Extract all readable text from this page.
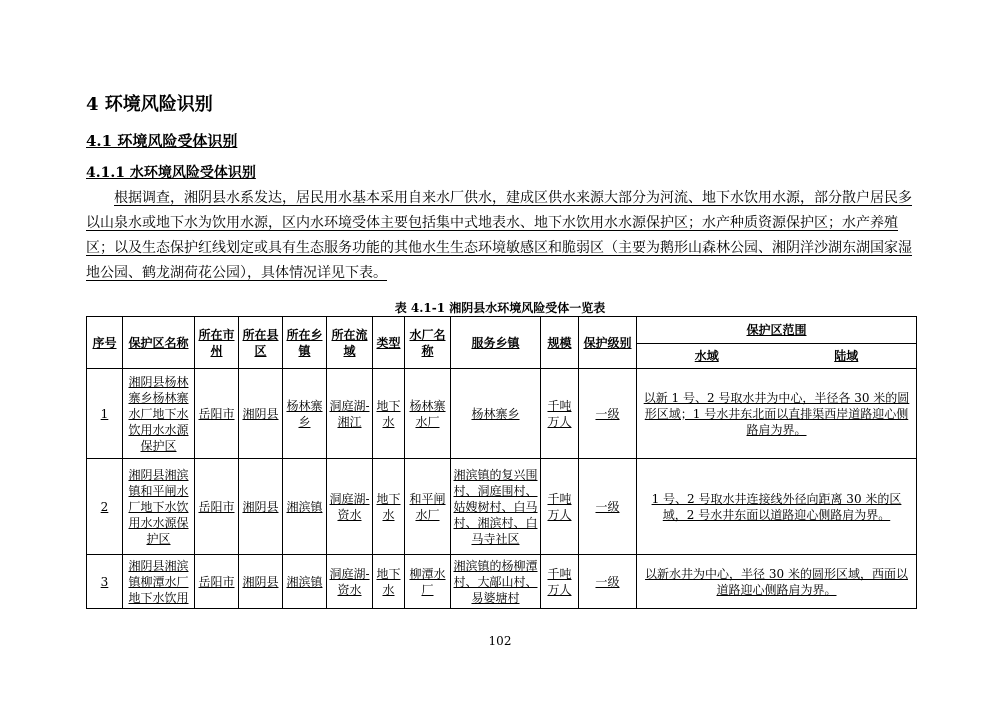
4 环境风险识别
4.1 环境风险受体识别
4.1.1 水环境风险受体识别

根据调查，湘阴县水系发达，居民用水基本采用自来水厂供水，建成区供水来源大部分为河流、地下水饮用水源，部分散户居民多以山泉水或地下水为饮用水源，区内水环境受体主要包括集中式地表水、地下水饮用水水源保护区；水产种质资源保护区；水产养殖区；以及生态保护红线划定或具有生态服务功能的其他水生生态环境敏感区和脆弱区（主要为鹅形山森林公园、湘阴洋沙湖东湖国家湿地公园、鹤龙湖荷花公园），具体情况详见下表。

表 4.1-1 湘阴县水环境风险受体一览表
序号	保护区名称	所在市州	所在县区	所在乡镇	所在流域	类型	水厂名称	服务乡镇	规模	保护级别	保护区范围

											水域 陆域

1	湘阴县杨林寨乡杨林寨水厂地下水饮用水水源保护区	岳阳市	湘阴县	杨林寨乡	洞庭湖-湘江	地下水	杨林寨水厂	杨林寨乡	千吨万人	一级	以新 1 号、2 号取水井为中心，半径各 30 米的圆形区域；1 号水井东北面以直排渠西岸道路迎心侧路肩为界。
2	湘阴县湘滨镇和平闸水厂地下水饮用水水源保护区	岳阳市	湘阴县	湘滨镇	洞庭湖-资水	地下水	和平闸水厂	湘滨镇的复兴围村、洞庭围村、姑嫂树村、白马村、湘滨村、白马寺社区	千吨万人	一级	1 号、2 号取水井连接线外径向距离 30 米的区域，2 号水井东面以道路迎心侧路肩为界。
3	湘阴县湘滨镇柳潭水厂地下水饮用	岳阳市	湘阴县	湘滨镇	洞庭湖-资水	地下水	柳潭水厂	湘滨镇的杨柳潭村、大鄗山村、易婆塘村	千吨万人	一级	以新水井为中心，半径 30 米的圆形区域，西面以道路迎心侧路肩为界。
102
